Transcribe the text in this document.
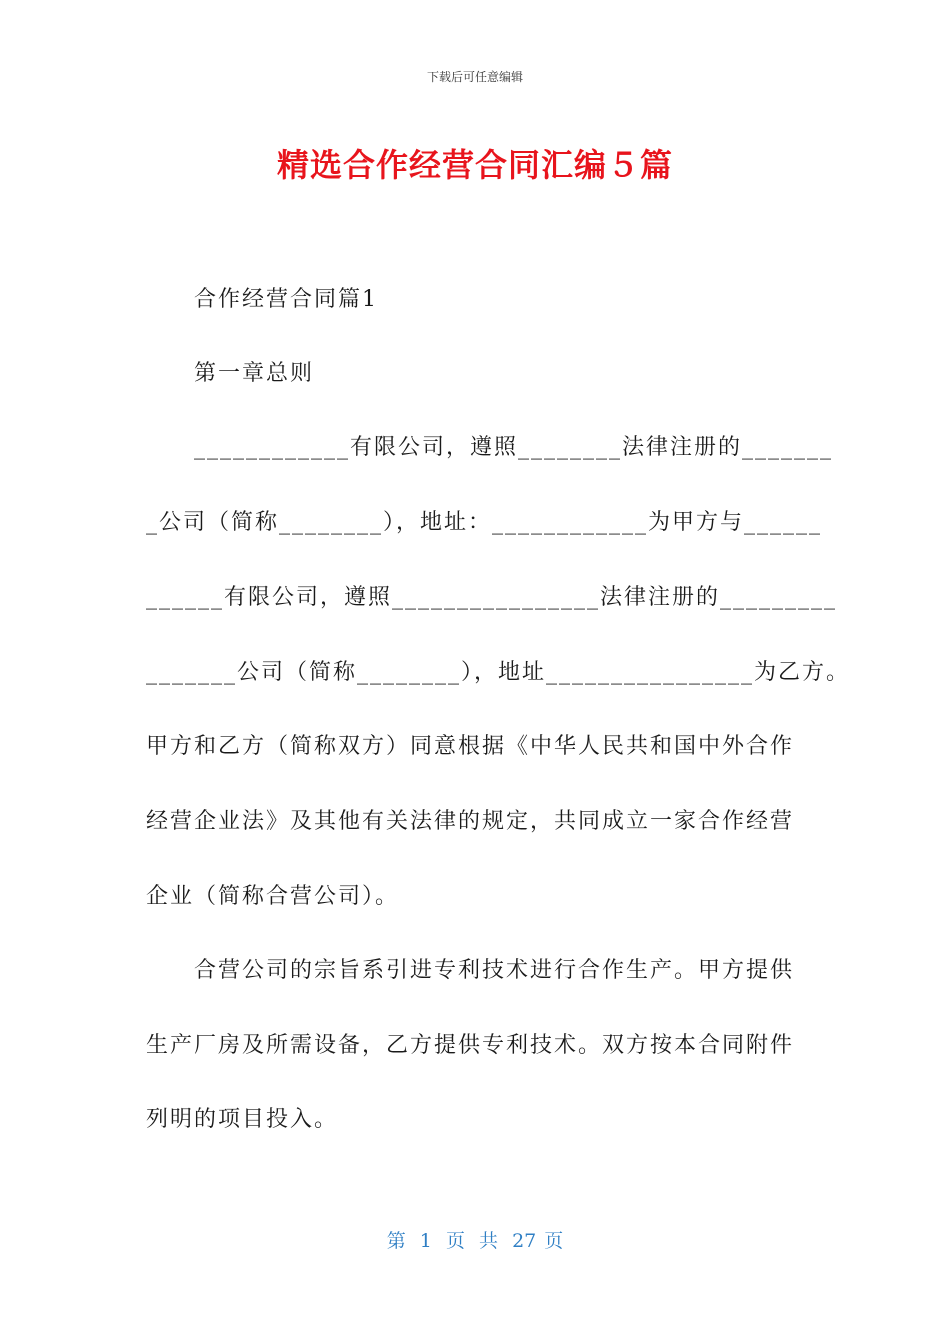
下载后可任意编辑
精选合作经营合同汇编５篇
合作经营合同篇1
第一章总则
____________有限公司，遵照________法律注册的_______
_公司（简称________），地址：____________为甲方与______
______有限公司，遵照________________法律注册的_________
_______公司（简称________），地址________________为乙方。
甲方和乙方（简称双方）同意根据《中华人民共和国中外合作
经营企业法》及其他有关法律的规定，共同成立一家合作经营
企业（简称合营公司）。
合营公司的宗旨系引进专利技术进行合作生产。甲方提供
生产厂房及所需设备，乙方提供专利技术。双方按本合同附件
列明的项目投入。
第 1 页 共 27 页
